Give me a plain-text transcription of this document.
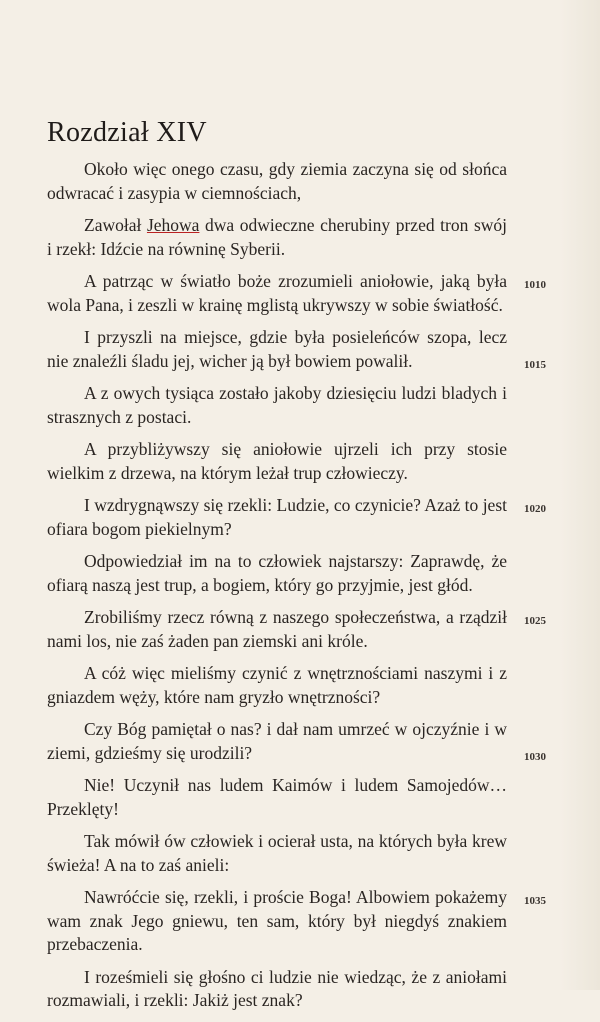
Rozdział XIV

Około więc onego czasu, gdy ziemia zaczyna się od słońca odwracać i zasypia w ciemnościach,

Zawołał Jehowa dwa odwieczne cherubiny przed tron swój i rzekł: Idźcie na równinę Syberii.

A patrząc w światło boże zrozumieli aniołowie, jaką była wola Pana, i zeszli w krainę mglistą ukrywszy w sobie światłość.

1010

I przyszli na miejsce, gdzie była posieleńców szopa, lecz nie znaleźli śladu jej, wicher ją był bowiem powalił.	1015

A z owych tysiąca zostało jakoby dziesięciu ludzi bladych i strasznych z postaci.

A przybliżywszy się aniołowie ujrzeli ich przy stosie wielkim z drzewa, na którym leżał trup człowieczy.

I wzdrygnąwszy się rzekli: Ludzie, co czynicie? Azaż to jest ofiara bogom piekielnym?

1020

Odpowiedział im na to człowiek najstarszy: Zaprawdę, że ofiarą naszą jest trup, a bogiem, który go przyjmie, jest głód.

Zrobiliśmy rzecz równą z naszego społeczeństwa, a rządził nami los, nie zaś żaden pan ziemski ani króle.

1025

A cóż więc mieliśmy czynić z wnętrznościami naszymi i z gniazdem węży, które nam gryzło wnętrzności?

Czy Bóg pamiętał o nas? i dał nam umrzeć w ojczyźnie i w ziemi, gdzieśmy się urodzili?	1030

Nie! Uczynił nas ludem Kaimów i ludem Samojedów… Przeklęty!

Tak mówił ów człowiek i ocierał usta, na których była krew świeża! A na to zaś anieli:

Nawróćcie się, rzekli, i proście Boga! Albowiem pokażemy wam znak Jego gniewu, ten sam, który był niegdyś znakiem przebaczenia.

1035

I roześmieli się głośno ci ludzie nie wiedząc, że z aniołami rozmawiali, i rzekli: Jakiż jest znak?
